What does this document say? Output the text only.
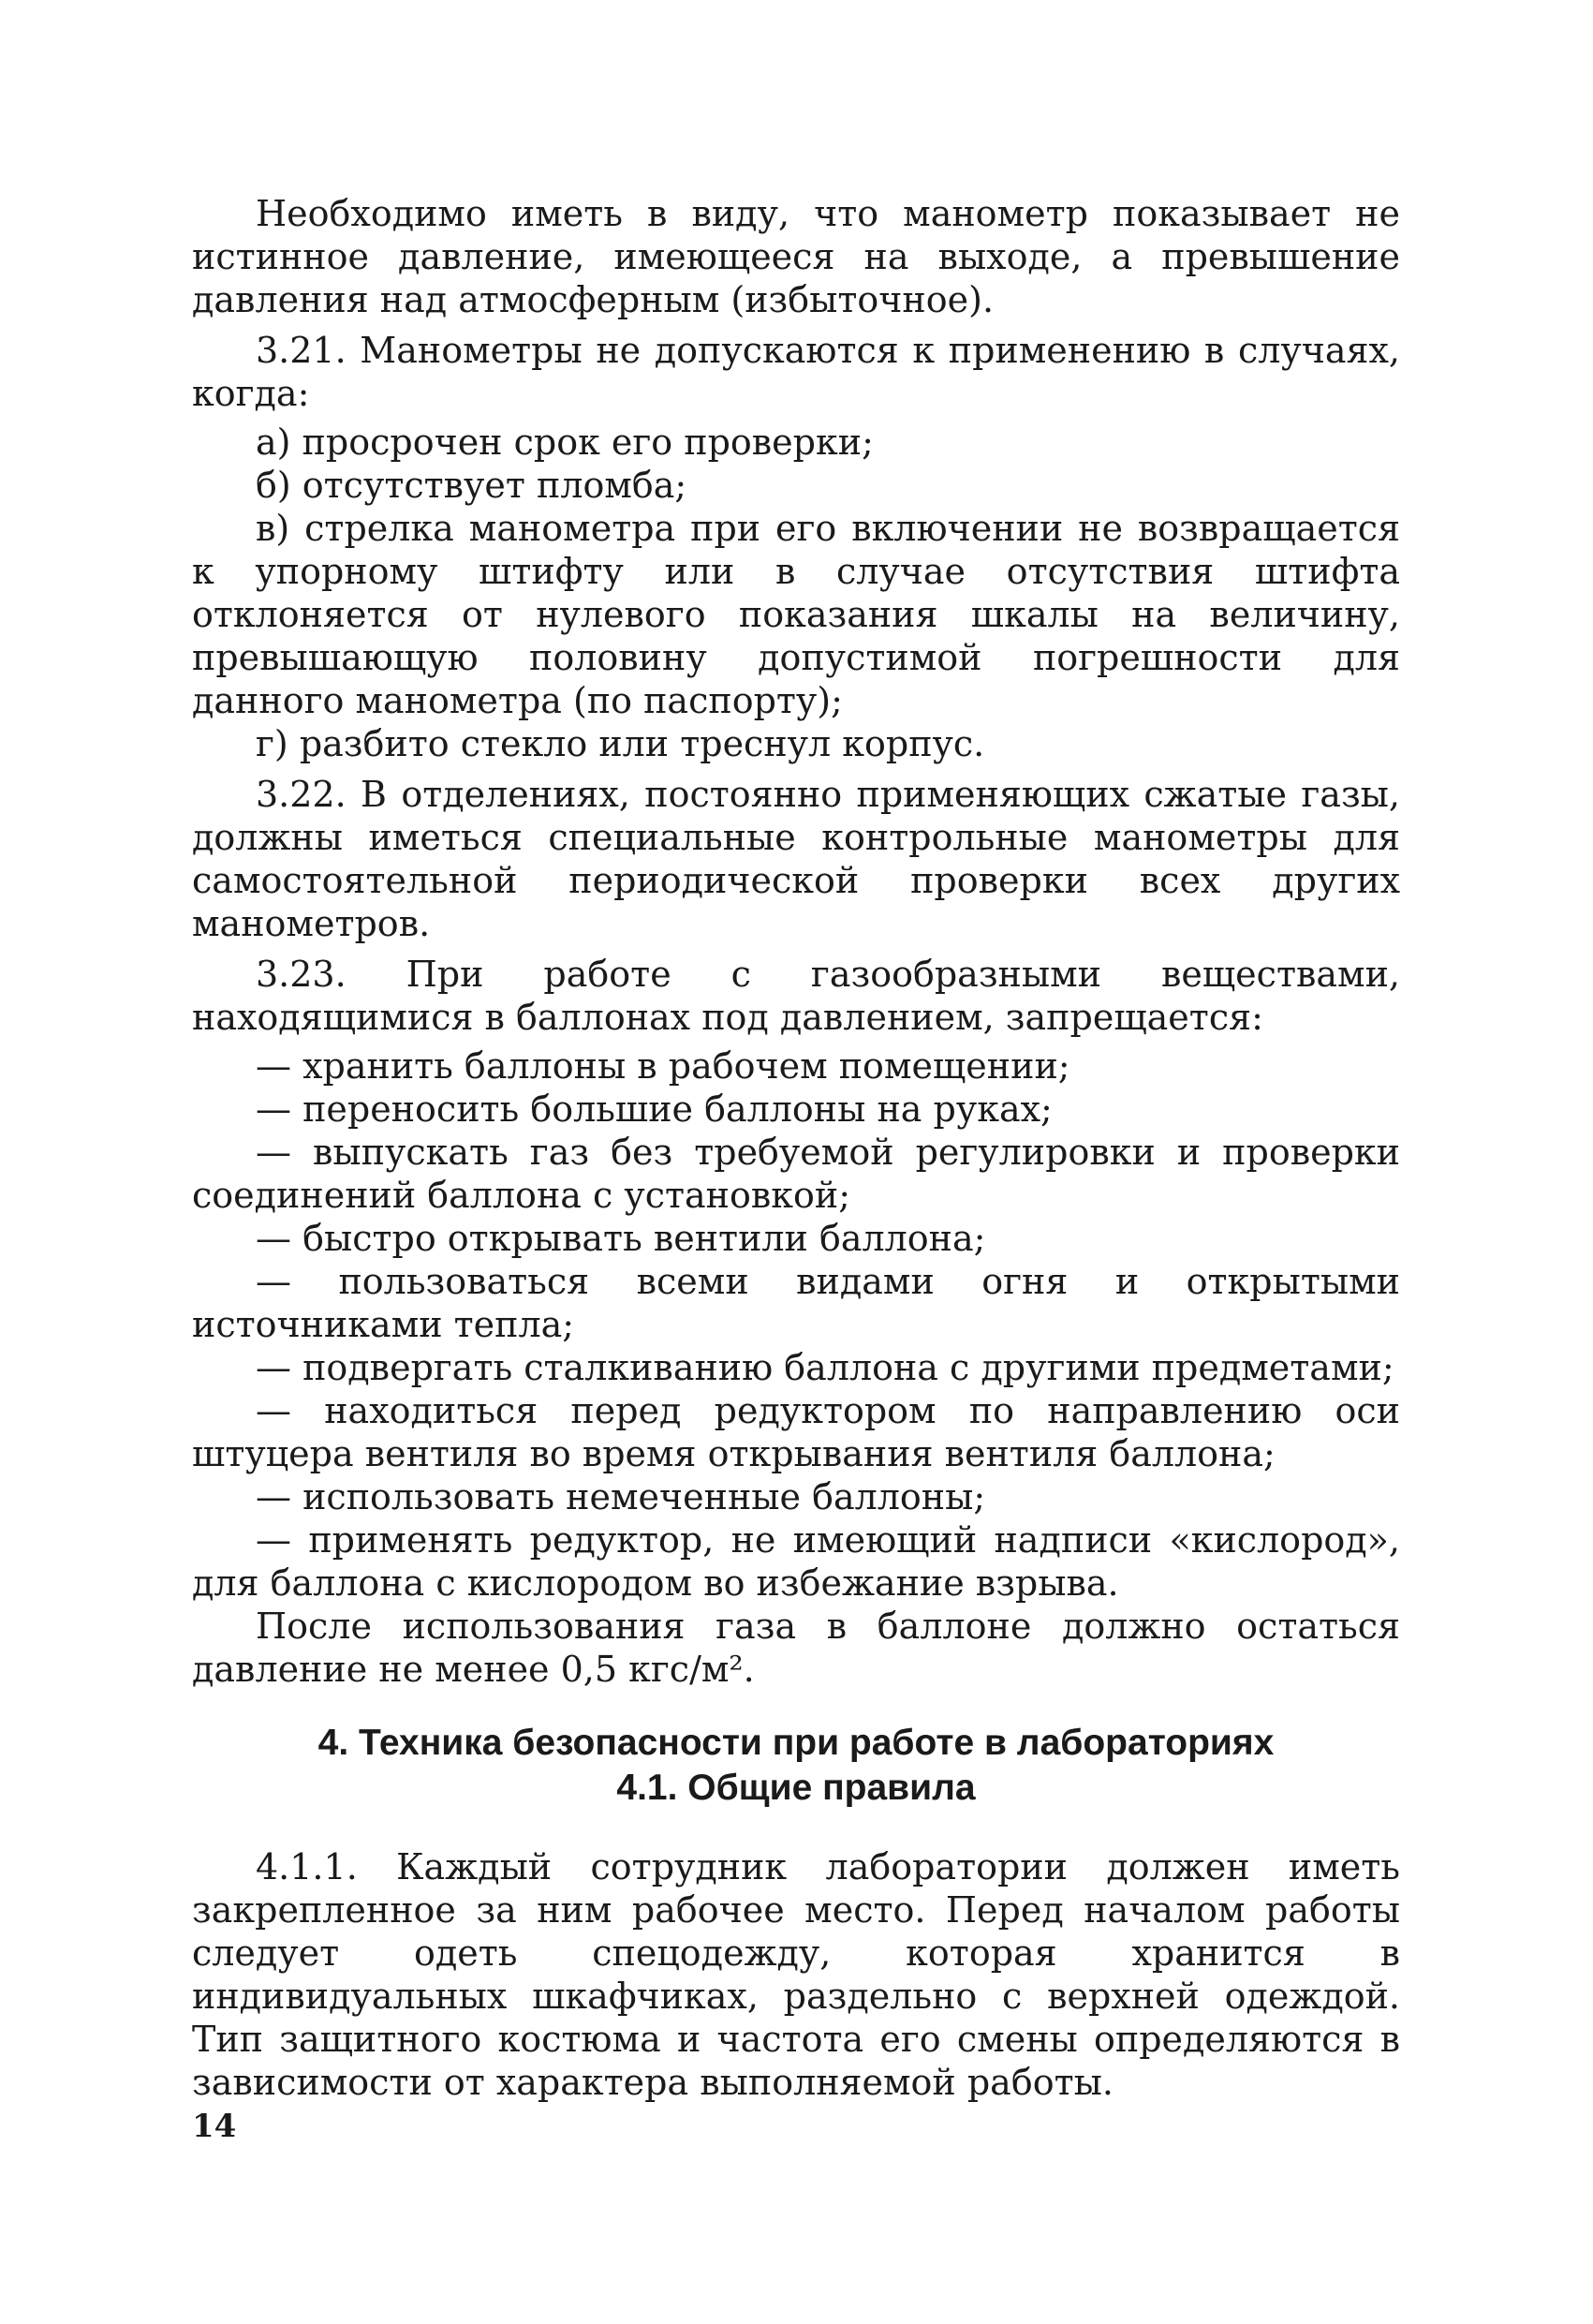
Необходимо иметь в виду, что манометр показывает не истинное давление, имеющееся на выходе, а превышение давления над атмосферным (избыточное).

3.21. Манометры не допускаются к применению в случаях, когда:

а) просрочен срок его проверки;

б) отсутствует пломба;

в) стрелка манометра при его включении не возвращается к упорному штифту или в случае отсутствия штифта отклоняется от нулевого показания шкалы на величину, превышающую половину допустимой погрешности для данного манометра (по паспорту);

г) разбито стекло или треснул корпус.

3.22. В отделениях, постоянно применяющих сжатые газы, должны иметься специальные контрольные манометры для самостоятельной периодической проверки всех других манометров.

3.23. При работе с газообразными веществами, находящимися в баллонах под давлением, запрещается:

— хранить баллоны в рабочем помещении;

— переносить большие баллоны на руках;

— выпускать газ без требуемой регулировки и проверки соединений баллона с установкой;

— быстро открывать вентили баллона;

— пользоваться всеми видами огня и открытыми источниками тепла;

— подвергать сталкиванию баллона с другими предметами;

— находиться перед редуктором по направлению оси штуцера вентиля во время открывания вентиля баллона;

— использовать немеченные баллоны;

— применять редуктор, не имеющий надписи «кислород», для баллона с кислородом во избежание взрыва.

После использования газа в баллоне должно остаться давление не менее 0,5 кгс/м².

4. Техника безопасности при работе в лабораториях

4.1. Общие правила

4.1.1. Каждый сотрудник лаборатории должен иметь закрепленное за ним рабочее место. Перед началом работы следует одеть спецодежду, которая хранится в индивидуальных шкафчиках, раздельно с верхней одеждой. Тип защитного костюма и частота его смены определяются в зависимости от характера выполняемой работы.

14
